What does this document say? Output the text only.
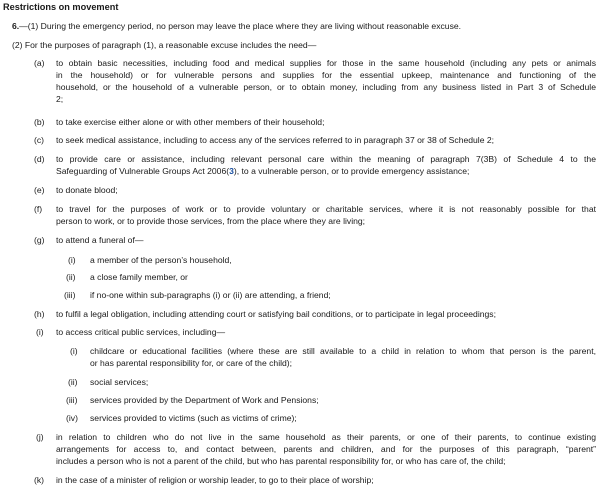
Restrictions on movement
6.—(1) During the emergency period, no person may leave the place where they are living without reasonable excuse.
(2) For the purposes of paragraph (1), a reasonable excuse includes the need—
(a) to obtain basic necessities, including food and medical supplies for those in the same household (including any pets or animals
in the household) or for vulnerable persons and supplies for the essential upkeep, maintenance and functioning of the
household, or the household of a vulnerable person, or to obtain money, including from any business listed in Part 3 of Schedule
2;
(b) to take exercise either alone or with other members of their household;
(c) to seek medical assistance, including to access any of the services referred to in paragraph 37 or 38 of Schedule 2;
(d) to provide care or assistance, including relevant personal care within the meaning of paragraph 7(3B) of Schedule 4 to the
Safeguarding of Vulnerable Groups Act 2006(3), to a vulnerable person, or to provide emergency assistance;
(e) to donate blood;
(f) to travel for the purposes of work or to provide voluntary or charitable services, where it is not reasonably possible for that
person to work, or to provide those services, from the place where they are living;
(g) to attend a funeral of—
(i) a member of the person’s household,
(ii) a close family member, or
(iii) if no-one within sub-paragraphs (i) or (ii) are attending, a friend;
(h) to fulfil a legal obligation, including attending court or satisfying bail conditions, or to participate in legal proceedings;
(i) to access critical public services, including—
(i) childcare or educational facilities (where these are still available to a child in relation to whom that person is the parent,
or has parental responsibility for, or care of the child);
(ii) social services;
(iii) services provided by the Department of Work and Pensions;
(iv) services provided to victims (such as victims of crime);
(j) in relation to children who do not live in the same household as their parents, or one of their parents, to continue existing
arrangements for access to, and contact between, parents and children, and for the purposes of this paragraph, “parent”
includes a person who is not a parent of the child, but who has parental responsibility for, or who has care of, the child;
(k) in the case of a minister of religion or worship leader, to go to their place of worship;
